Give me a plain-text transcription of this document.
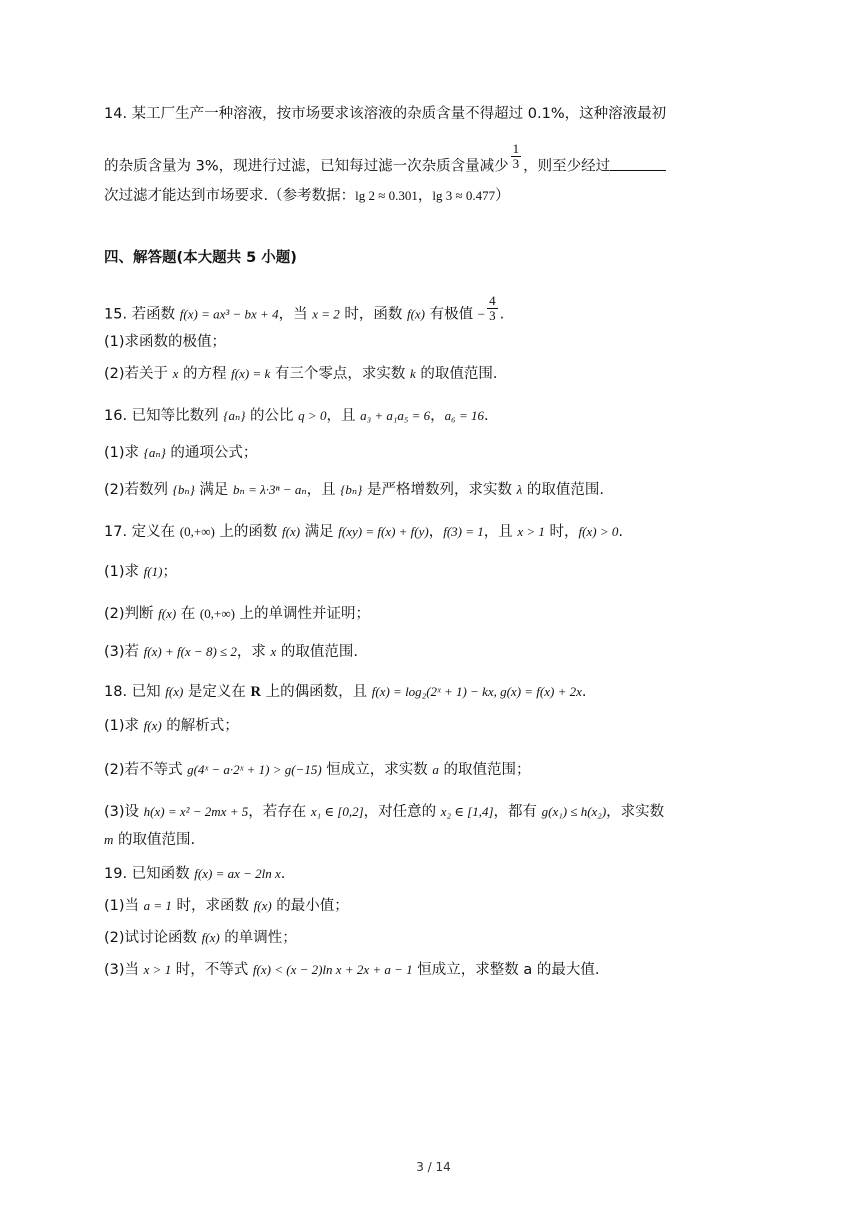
14. 某工厂生产一种溶液，按市场要求该溶液的杂质含量不得超过 0.1%，这种溶液最初
的杂质含量为 3%，现进行过滤，已知每过滤一次杂质含量减少 $\frac{1}{3}$ ，则至少经过
次过滤才能达到市场要求.（参考数据：lg 2 ≈ 0.301，lg 3 ≈ 0.477）
四、解答题(本大题共 5 小题)
15. 若函数 f(x) = ax³ − bx + 4，当 x = 2 时，函数 f(x) 有极值 − $\frac{4}{3}$ .
(1)求函数的极值；
(2)若关于 x 的方程 f(x) = k 有三个零点，求实数 k 的取值范围.
16. 已知等比数列 {aₙ} 的公比 q > 0，且 a₃ + a₁a₅ = 6，a₆ = 16.
(1)求 {aₙ} 的通项公式；
(2)若数列 {bₙ} 满足 bₙ = λ·3ⁿ − aₙ，且 {bₙ} 是严格增数列，求实数 λ 的取值范围.
17. 定义在 (0,+∞) 上的函数 f(x) 满足 f(xy) = f(x) + f(y)，f(3) = 1，且 x > 1 时，f(x) > 0.
(1)求 f(1)；
(2)判断 f(x) 在 (0,+∞) 上的单调性并证明；
(3)若 f(x) + f(x − 8) ≤ 2，求 x 的取值范围.
18. 已知 f(x) 是定义在 R 上的偶函数，且 f(x) = log₂(2ˣ + 1) − kx, g(x) = f(x) + 2x.
(1)求 f(x) 的解析式；
(2)若不等式 g(4ˣ − a·2ˣ + 1) > g(−15) 恒成立，求实数 a 的取值范围；
(3)设 h(x) = x² − 2mx + 5，若存在 x₁ ∈ [0,2]，对任意的 x₂ ∈ [1,4]，都有 g(x₁) ≤ h(x₂)，求实数
m 的取值范围.
19. 已知函数 f(x) = ax − 2ln x.
(1)当 a = 1 时，求函数 f(x) 的最小值；
(2)试讨论函数 f(x) 的单调性；
(3)当 x > 1 时，不等式 f(x) < (x − 2)ln x + 2x + a − 1 恒成立，求整数 a 的最大值.
3 / 14
